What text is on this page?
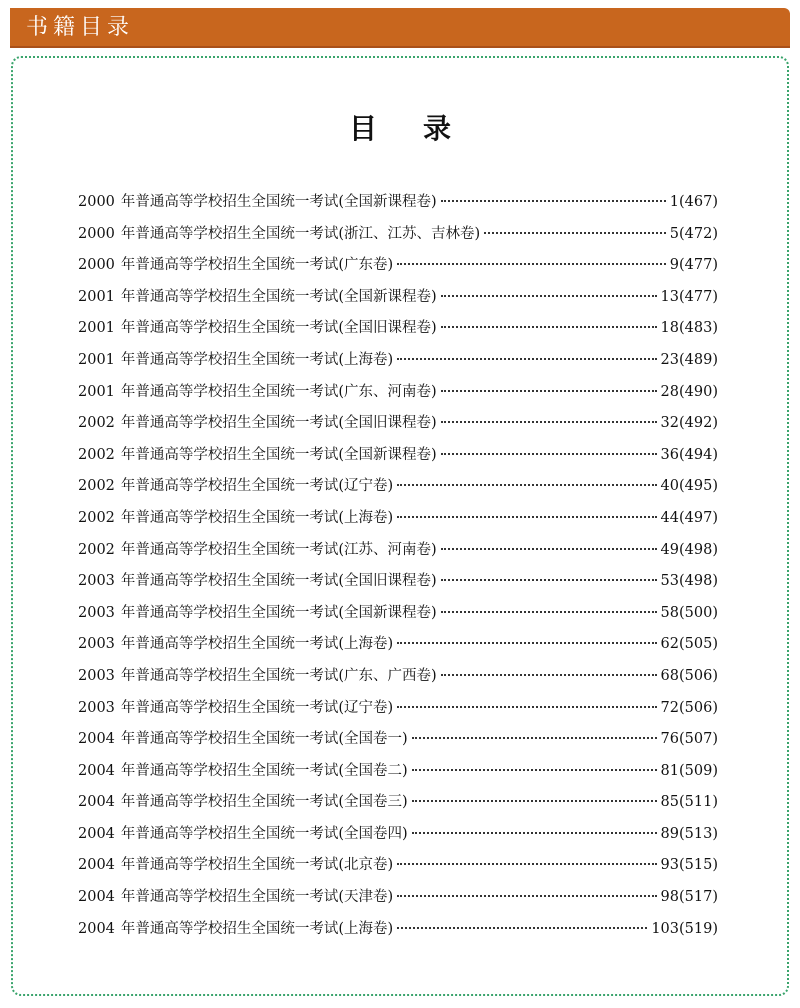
书籍目录
目录
2000 年普通高等学校招生全国统一考试(全国新课程卷)	1(467)
2000 年普通高等学校招生全国统一考试(浙江、江苏、吉林卷)	5(472)
2000 年普通高等学校招生全国统一考试(广东卷)	9(477)
2001 年普通高等学校招生全国统一考试(全国新课程卷)	13(477)
2001 年普通高等学校招生全国统一考试(全国旧课程卷)	18(483)
2001 年普通高等学校招生全国统一考试(上海卷)	23(489)
2001 年普通高等学校招生全国统一考试(广东、河南卷)	28(490)
2002 年普通高等学校招生全国统一考试(全国旧课程卷)	32(492)
2002 年普通高等学校招生全国统一考试(全国新课程卷)	36(494)
2002 年普通高等学校招生全国统一考试(辽宁卷)	40(495)
2002 年普通高等学校招生全国统一考试(上海卷)	44(497)
2002 年普通高等学校招生全国统一考试(江苏、河南卷)	49(498)
2003 年普通高等学校招生全国统一考试(全国旧课程卷)	53(498)
2003 年普通高等学校招生全国统一考试(全国新课程卷)	58(500)
2003 年普通高等学校招生全国统一考试(上海卷)	62(505)
2003 年普通高等学校招生全国统一考试(广东、广西卷)	68(506)
2003 年普通高等学校招生全国统一考试(辽宁卷)	72(506)
2004 年普通高等学校招生全国统一考试(全国卷一)	76(507)
2004 年普通高等学校招生全国统一考试(全国卷二)	81(509)
2004 年普通高等学校招生全国统一考试(全国卷三)	85(511)
2004 年普通高等学校招生全国统一考试(全国卷四)	89(513)
2004 年普通高等学校招生全国统一考试(北京卷)	93(515)
2004 年普通高等学校招生全国统一考试(天津卷)	98(517)
2004 年普通高等学校招生全国统一考试(上海卷)	103(519)
